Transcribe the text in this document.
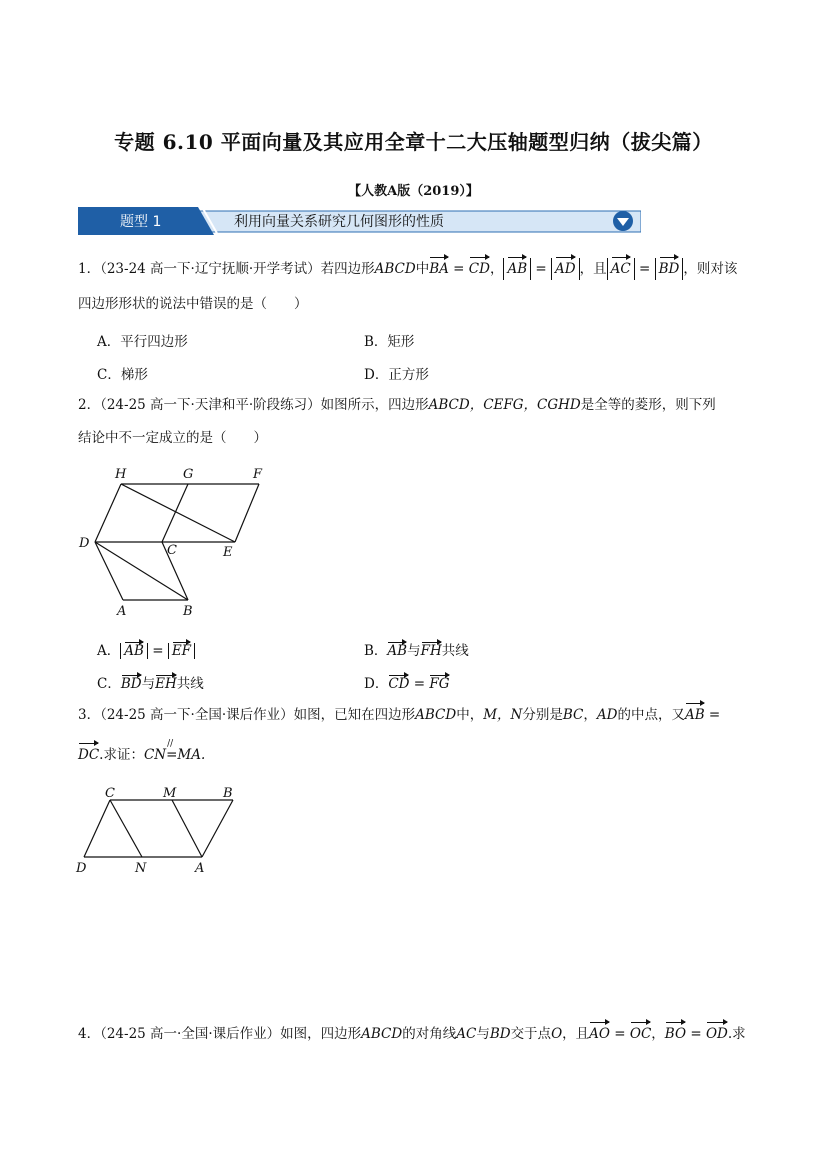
专题 6.10 平面向量及其应用全章十二大压轴题型归纳（拔尖篇）
【人教A版（2019）】
题型 1	利用向量关系研究几何图形的性质
1．（23-24 高一下·辽宁抚顺·开学考试）若四边形ABCD中BA = CD， AB = AD ，且 AC = BD ，则对该
四边形形状的说法中错误的是（　　）
A．平行四边形	B．矩形
C．梯形	D．正方形
2．（24-25 高一下·天津和平·阶段练习）如图所示，四边形ABCD，CEFG，CGHD是全等的菱形，则下列
结论中不一定成立的是（　　）
H	G	F
D	C	E
A	B
A． AB = EF	B．AB与FH共线
C．BD与EH共线	D．CD = FG
3．（24-25 高一下·全国·课后作业）如图，已知在四边形ABCD中，M，N分别是BC，AD的中点，又AB =
DC.求证：CN
//
=MA.
C	M	B
D	N	A
4．（24-25 高一·全国·课后作业）如图，四边形ABCD的对角线AC与BD交于点O，且AO = OC，BO = OD.求
